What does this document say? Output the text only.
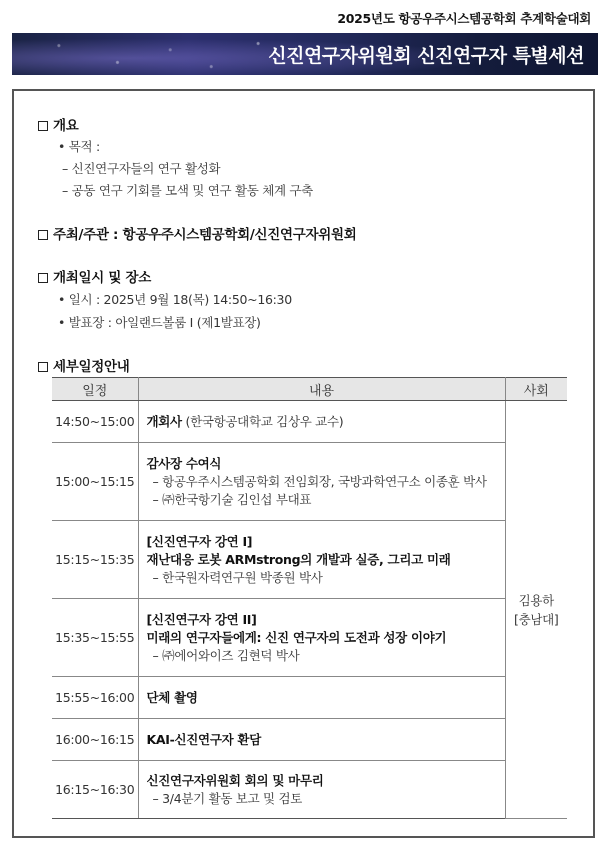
2025년도 항공우주시스템공학회 추계학술대회
신진연구자위원회 신진연구자 특별세션
개요
• 목적 :
– 신진연구자들의 연구 활성화
– 공동 연구 기회를 모색 및 연구 활동 체계 구축
주최/주관 : 항공우주시스템공학회/신진연구자위원회
개최일시 및 장소
• 일시 : 2025년 9월 18(목) 14:50~16:30
• 발표장 : 아일랜드볼룸 I (제1발표장)
세부일정안내
일정	내용	사회
14:50~15:00	개회사 (한국항공대학교 김상우 교수)	김용하
[충남대]

15:00~15:15	감사장 수여식
– 항공우주시스템공학회 전임회장, 국방과학연구소 이종훈 박사
– ㈜한국항기술 김인섭 부대표	

15:15~15:35	[신진연구자 강연 I]
재난대응 로봇 ARMstrong의 개발과 실증, 그리고 미래
– 한국원자력연구원 박종원 박사	

15:35~15:55	[신진연구자 강연 II]
미래의 연구자들에게: 신진 연구자의 도전과 성장 이야기
– ㈜에어와이즈 김현덕 박사	

15:55~16:00	단체 촬영	
16:00~16:15	KAI-신진연구자 환담	
16:15~16:30	신진연구자위원회 회의 및 마무리
– 3/4분기 활동 보고 및 검토	
